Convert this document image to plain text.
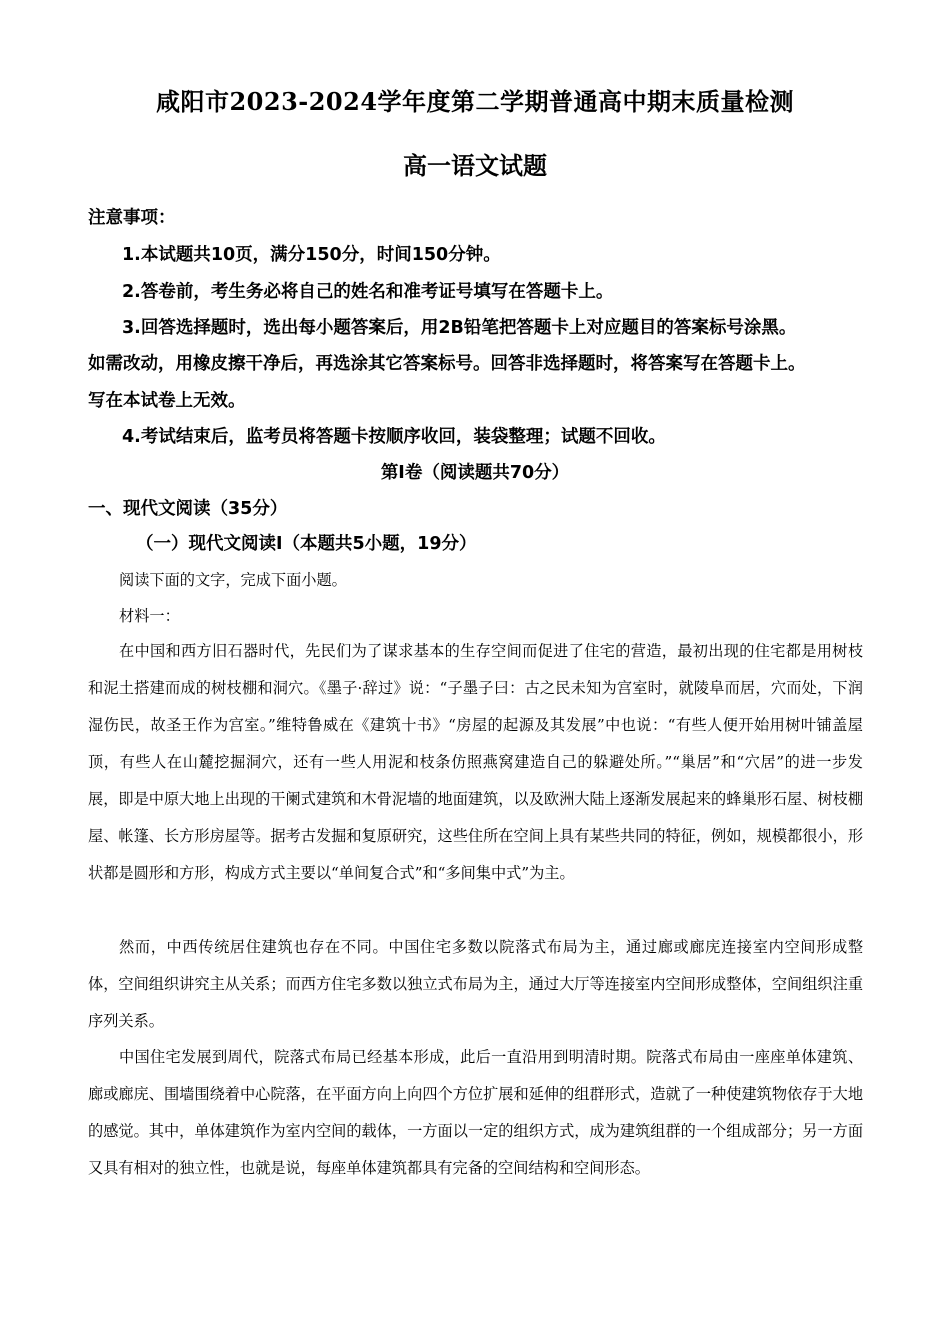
咸阳市2023-2024学年度第二学期普通高中期末质量检测
高一语文试题
注意事项：
1.本试题共10页，满分150分，时间150分钟。
2.答卷前，考生务必将自己的姓名和准考证号填写在答题卡上。
3.回答选择题时，选出每小题答案后，用2B铅笔把答题卡上对应题目的答案标号涂黑。
如需改动，用橡皮擦干净后，再选涂其它答案标号。回答非选择题时，将答案写在答题卡上。
写在本试卷上无效。
4.考试结束后，监考员将答题卡按顺序收回，装袋整理；试题不回收。
第Ⅰ卷（阅读题共70分）
一、现代文阅读（35分）
（一）现代文阅读Ⅰ（本题共5小题，19分）

阅读下面的文字，完成下面小题。

材料一：

在中国和西方旧石器时代，先民们为了谋求基本的生存空间而促进了住宅的营造，最初出现的住宅都是用树枝和泥土搭建而成的树枝棚和洞穴。《墨子·辞过》说：“子墨子曰：古之民未知为宫室时，就陵阜而居，穴而处，下润湿伤民，故圣王作为宫室。”维特鲁威在《建筑十书》“房屋的起源及其发展”中也说：“有些人便开始用树叶铺盖屋顶，有些人在山麓挖掘洞穴，还有一些人用泥和枝条仿照燕窝建造自己的躲避处所。”“巢居”和“穴居”的进一步发展，即是中原大地上出现的干阑式建筑和木骨泥墙的地面建筑，以及欧洲大陆上逐渐发展起来的蜂巢形石屋、树枝棚屋、帐篷、长方形房屋等。据考古发掘和复原研究，这些住所在空间上具有某些共同的特征，例如，规模都很小，形状都是圆形和方形，构成方式主要以“单间复合式”和“多间集中式”为主。

然而，中西传统居住建筑也存在不同。中国住宅多数以院落式布局为主，通过廊或廊庑连接室内空间形成整体，空间组织讲究主从关系；而西方住宅多数以独立式布局为主，通过大厅等连接室内空间形成整体，空间组织注重序列关系。

中国住宅发展到周代，院落式布局已经基本形成，此后一直沿用到明清时期。院落式布局由一座座单体建筑、廊或廊庑、围墙围绕着中心院落，在平面方向上向四个方位扩展和延伸的组群形式，造就了一种使建筑物依存于大地的感觉。其中，单体建筑作为室内空间的载体，一方面以一定的组织方式，成为建筑组群的一个组成部分；另一方面又具有相对的独立性，也就是说，每座单体建筑都具有完备的空间结构和空间形态。
